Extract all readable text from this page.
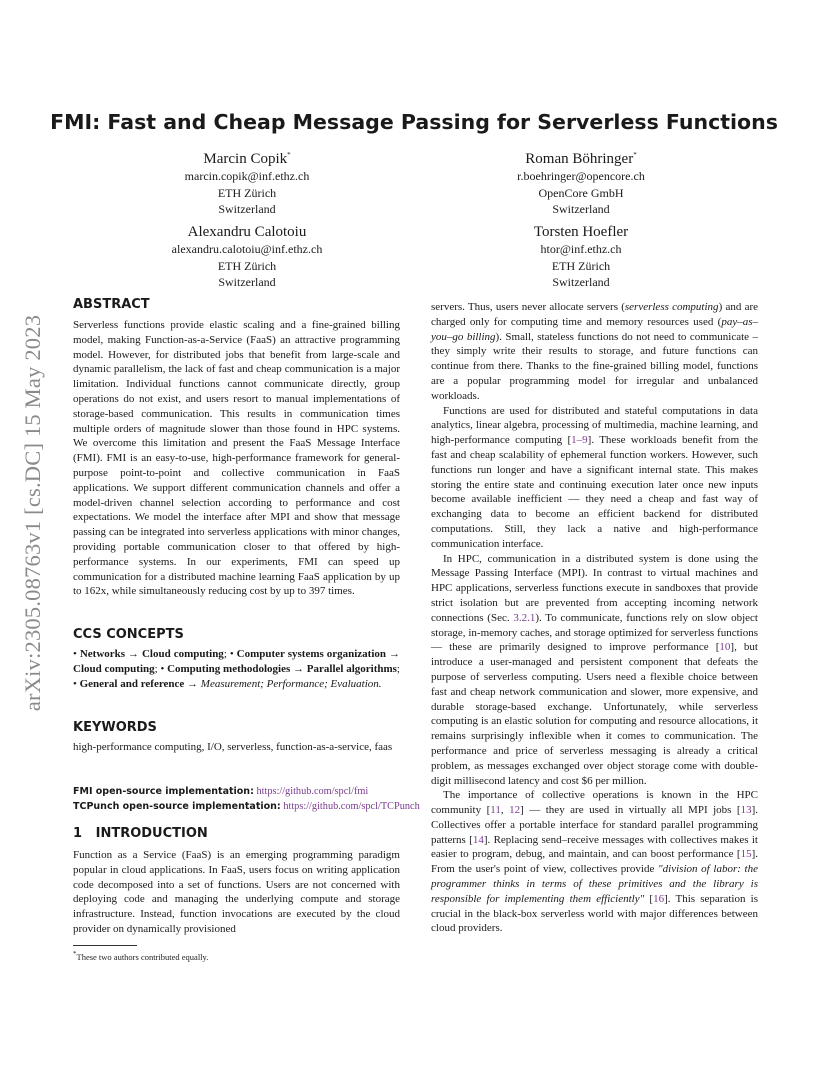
arXiv:2305.08763v1 [cs.DC] 15 May 2023
FMI: Fast and Cheap Message Passing for Serverless Functions
Marcin Copik*
marcin.copik@inf.ethz.ch
ETH Zürich
Switzerland
Roman Böhringer*
r.boehringer@opencore.ch
OpenCore GmbH
Switzerland
Alexandru Calotoiu
alexandru.calotoiu@inf.ethz.ch
ETH Zürich
Switzerland
Torsten Hoefler
htor@inf.ethz.ch
ETH Zürich
Switzerland
ABSTRACT

Serverless functions provide elastic scaling and a fine-grained billing model, making Function-as-a-Service (FaaS) an attractive programming model. However, for distributed jobs that benefit from large-scale and dynamic parallelism, the lack of fast and cheap communication is a major limitation. Individual functions cannot communicate directly, group operations do not exist, and users resort to manual implementations of storage-based communication. This results in communication times multiple orders of magnitude slower than those found in HPC systems. We overcome this limitation and present the FaaS Message Interface (FMI). FMI is an easy-to-use, high-performance framework for general-purpose point-to-point and collective communication in FaaS applications. We support different communication channels and offer a model-driven channel selection according to performance and cost expectations. We model the interface after MPI and show that message passing can be integrated into serverless applications with minor changes, providing portable communication closer to that offered by high-performance systems. In our experiments, FMI can speed up communication for a distributed machine learning FaaS application by up to 162x, while simultaneously reducing cost by up to 397 times.

CCS CONCEPTS

• Networks → Cloud computing; • Computer systems organization → Cloud computing; • Computing methodologies → Parallel algorithms; • General and reference → Measurement; Performance; Evaluation.

KEYWORDS

high-performance computing, I/O, serverless, function-as-a-service, faas

FMI open-source implementation: https://github.com/spcl/fmi
TCPunch open-source implementation: https://github.com/spcl/TCPunch
1 INTRODUCTION

Function as a Service (FaaS) is an emerging programming paradigm popular in cloud applications. In FaaS, users focus on writing application code decomposed into a set of functions. Users are not concerned with deploying code and managing the underlying compute and storage infrastructure. Instead, function invocations are executed by the cloud provider on dynamically provisioned

*These two authors contributed equally.

servers. Thus, users never allocate servers (serverless computing) and are charged only for computing time and memory resources used (pay–as–you–go billing). Small, stateless functions do not need to communicate – they simply write their results to storage, and future functions can continue from there. Thanks to the fine-grained billing model, functions are a popular programming model for irregular and unbalanced workloads.

Functions are used for distributed and stateful computations in data analytics, linear algebra, processing of multimedia, machine learning, and high-performance computing [1–9]. These workloads benefit from the fast and cheap scalability of ephemeral function workers. However, such functions run longer and have a significant internal state. This makes storing the entire state and continuing execution later once new inputs become available inefficient — they need a cheap and fast way of exchanging data to become an efficient backend for distributed computations. Still, they lack a native and high-performance communication interface.

In HPC, communication in a distributed system is done using the Message Passing Interface (MPI). In contrast to virtual machines and HPC applications, serverless functions execute in sandboxes that provide strict isolation but are prevented from accepting incoming network connections (Sec. 3.2.1). To communicate, functions rely on slow object storage, in-memory caches, and storage optimized for serverless functions — these are primarily designed to improve performance [10], but introduce a user-managed and persistent component that defeats the purpose of serverless computing. Users need a flexible choice between fast and cheap network communication and slower, more expensive, and durable storage-based exchange. Unfortunately, while serverless computing is an elastic solution for computing and resource allocations, it remains surprisingly inflexible when it comes to communication. The performance and price of serverless messaging is already a critical problem, as messages exchanged over object storage come with double-digit millisecond latency and cost $6 per million.

The importance of collective operations is known in the HPC community [11, 12] — they are used in virtually all MPI jobs [13]. Collectives offer a portable interface for standard parallel programming patterns [14]. Replacing send–receive messages with collectives makes it easier to program, debug, and maintain, and can boost performance [15]. From the user's point of view, collectives provide "division of labor: the programmer thinks in terms of these primitives and the library is responsible for implementing them efficiently" [16]. This separation is crucial in the black-box serverless world with major differences between cloud providers.
